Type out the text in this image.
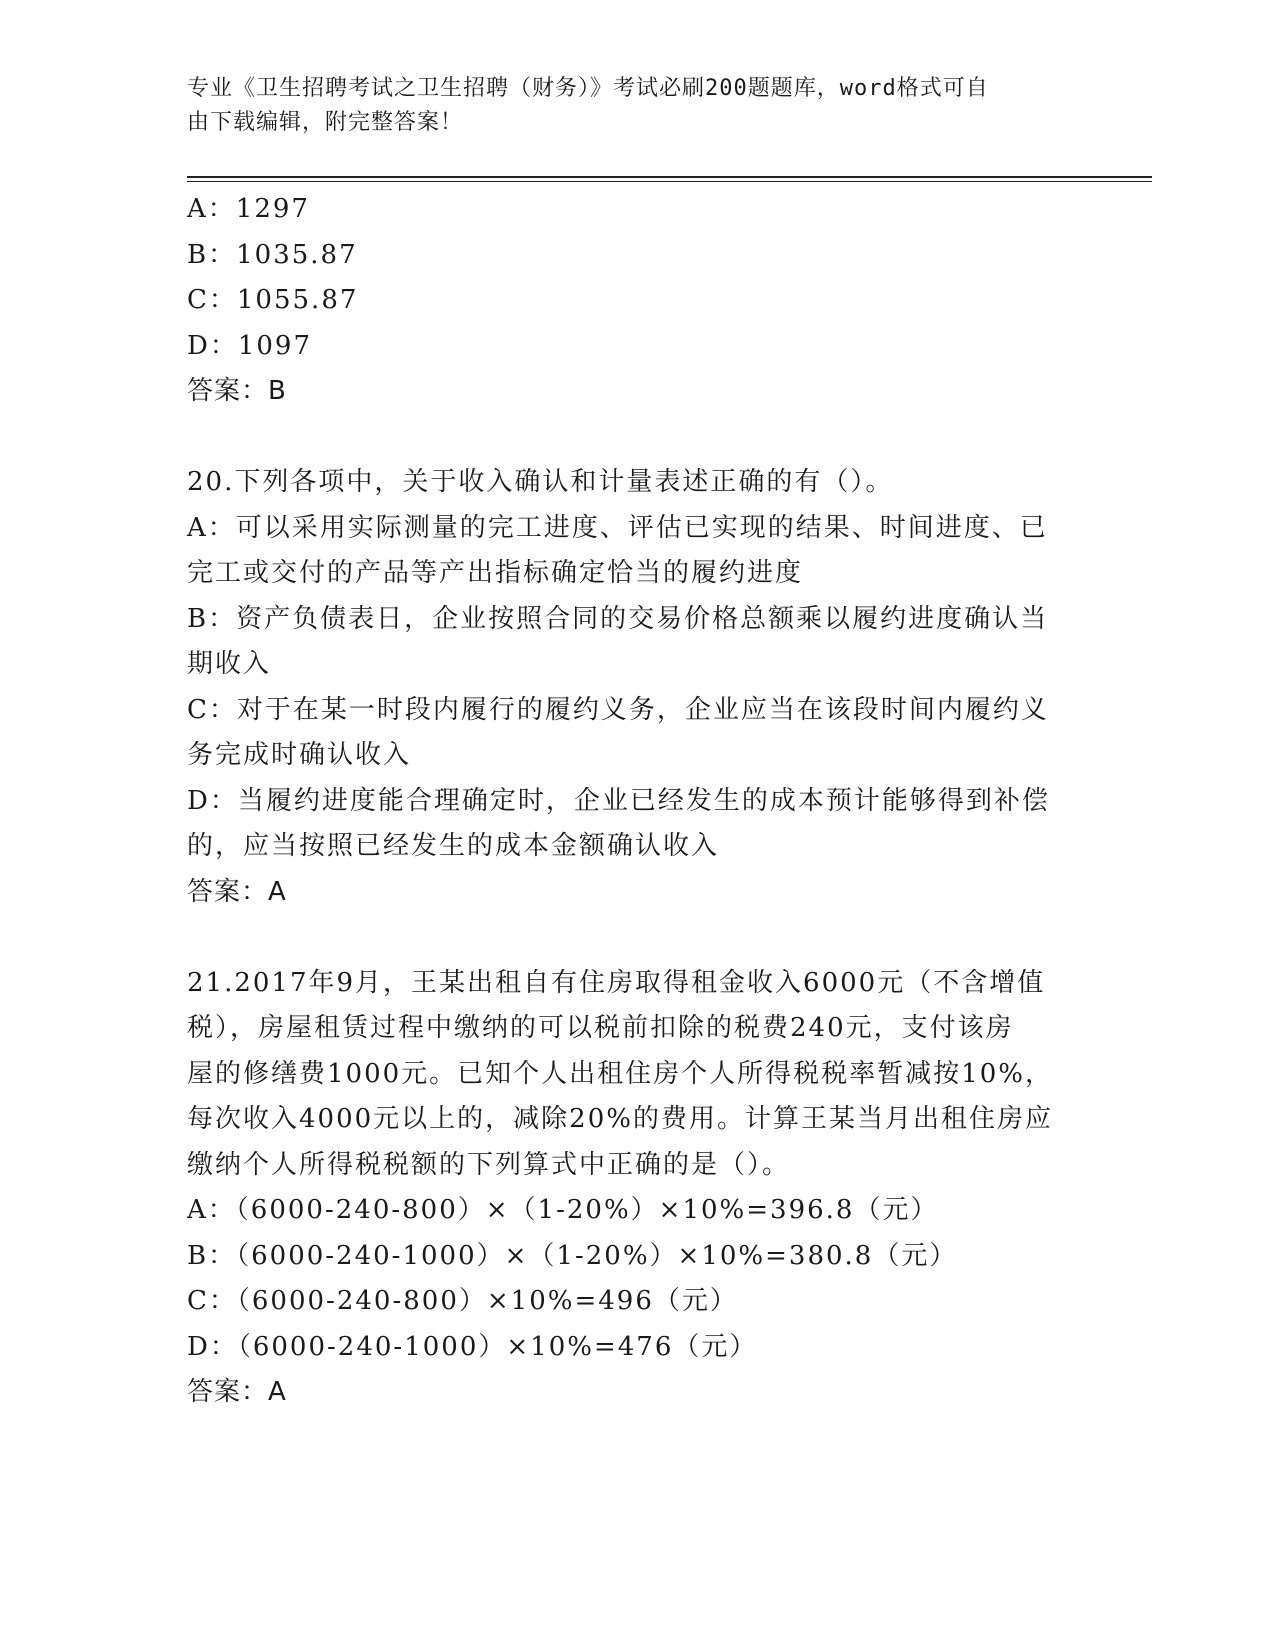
专业《卫生招聘考试之卫生招聘（财务）》考试必刷200题题库，word格式可自
由下载编辑，附完整答案！
A：1297
B：1035.87
C：1055.87
D：1097
答案：B
20.下列各项中，关于收入确认和计量表述正确的有（）。
A：可以采用实际测量的完工进度、评估已实现的结果、时间进度、已
完工或交付的产品等产出指标确定恰当的履约进度
B：资产负债表日，企业按照合同的交易价格总额乘以履约进度确认当
期收入
C：对于在某一时段内履行的履约义务，企业应当在该段时间内履约义
务完成时确认收入
D：当履约进度能合理确定时，企业已经发生的成本预计能够得到补偿
的，应当按照已经发生的成本金额确认收入
答案：A
21.2017年9月，王某出租自有住房取得租金收入6000元（不含增值
税），房屋租赁过程中缴纳的可以税前扣除的税费240元，支付该房
屋的修缮费1000元。已知个人出租住房个人所得税税率暂减按10%，
每次收入4000元以上的，减除20%的费用。计算王某当月出租住房应
缴纳个人所得税税额的下列算式中正确的是（）。
A：（6000-240-800）×（1-20%）×10%=396.8（元）
B：（6000-240-1000）×（1-20%）×10%=380.8（元）
C：（6000-240-800）×10%=496（元）
D：（6000-240-1000）×10%=476（元）
答案：A
